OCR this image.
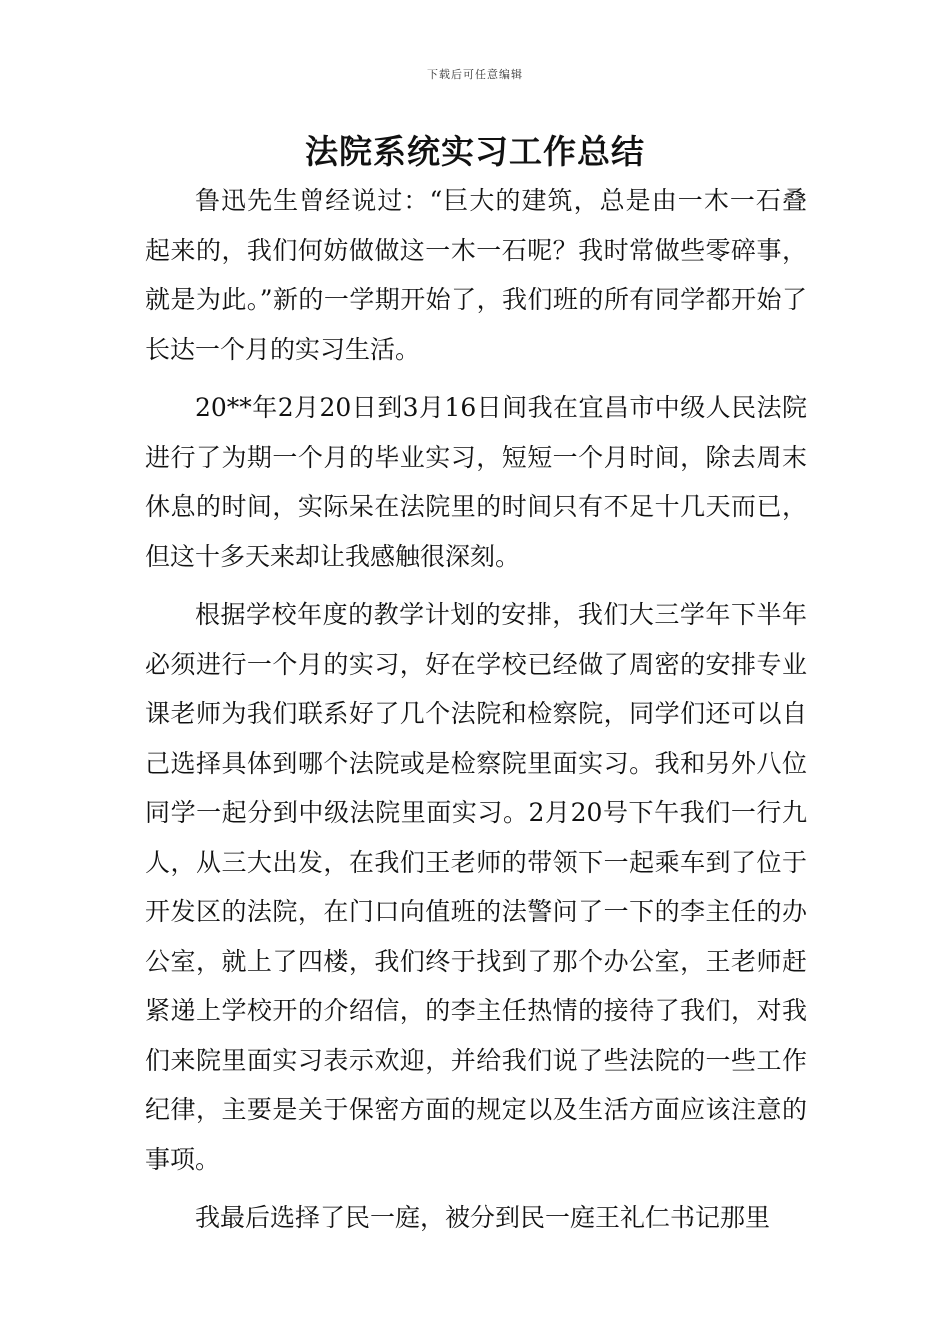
下载后可任意编辑
法院系统实习工作总结

鲁迅先生曾经说过：“巨大的建筑，总是由一木一石叠起来的，我们何妨做做这一木一石呢？我时常做些零碎事，就是为此。”新的一学期开始了，我们班的所有同学都开始了长达一个月的实习生活。

20**年2月20日到3月16日间我在宜昌市中级人民法院进行了为期一个月的毕业实习，短短一个月时间，除去周末休息的时间，实际呆在法院里的时间只有不足十几天而已，但这十多天来却让我感触很深刻。

根据学校年度的教学计划的安排，我们大三学年下半年必须进行一个月的实习，好在学校已经做了周密的安排专业课老师为我们联系好了几个法院和检察院，同学们还可以自己选择具体到哪个法院或是检察院里面实习。我和另外八位同学一起分到中级法院里面实习。2月20号下午我们一行九人，从三大出发，在我们王老师的带领下一起乘车到了位于开发区的法院，在门口向值班的法警问了一下的李主任的办公室，就上了四楼，我们终于找到了那个办公室，王老师赶紧递上学校开的介绍信，的李主任热情的接待了我们，对我们来院里面实习表示欢迎，并给我们说了些法院的一些工作纪律，主要是关于保密方面的规定以及生活方面应该注意的事项。

我最后选择了民一庭，被分到民一庭王礼仁书记那里
